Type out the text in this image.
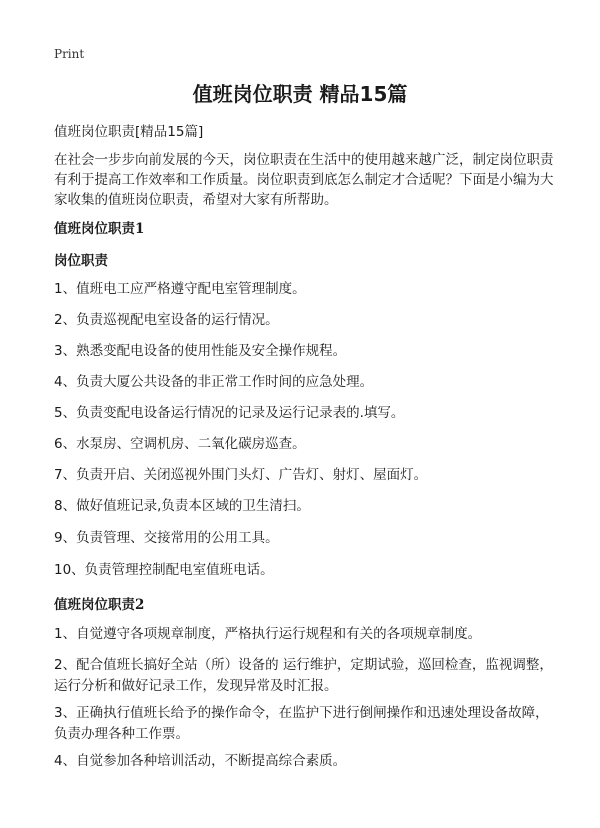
Print
值班岗位职责 精品15篇

值班岗位职责[精品15篇]

在社会一步步向前发展的今天，岗位职责在生活中的使用越来越广泛，制定岗位职责有利于提高工作效率和工作质量。岗位职责到底怎么制定才合适呢？下面是小编为大家收集的值班岗位职责，希望对大家有所帮助。

值班岗位职责1

岗位职责

1、值班电工应严格遵守配电室管理制度。

2、负责巡视配电室设备的运行情况。

3、熟悉变配电设备的使用性能及安全操作规程。

4、负责大厦公共设备的非正常工作时间的应急处理。

5、负责变配电设备运行情况的记录及运行记录表的.填写。

6、水泵房、空调机房、二氧化碳房巡查。

7、负责开启、关闭巡视外围门头灯、广告灯、射灯、屋面灯。

8、做好值班记录,负责本区域的卫生清扫。

9、负责管理、交接常用的公用工具。

10、负责管理控制配电室值班电话。

值班岗位职责2

1、自觉遵守各项规章制度，严格执行运行规程和有关的各项规章制度。

2、配合值班长搞好全站（所）设备的 运行维护，定期试验，巡回检查，监视调整，运行分析和做好记录工作，发现异常及时汇报。

3、正确执行值班长给予的操作命令，在监护下进行倒闸操作和迅速处理设备故障，负责办理各种工作票。

4、自觉参加各种培训活动，不断提高综合素质。
